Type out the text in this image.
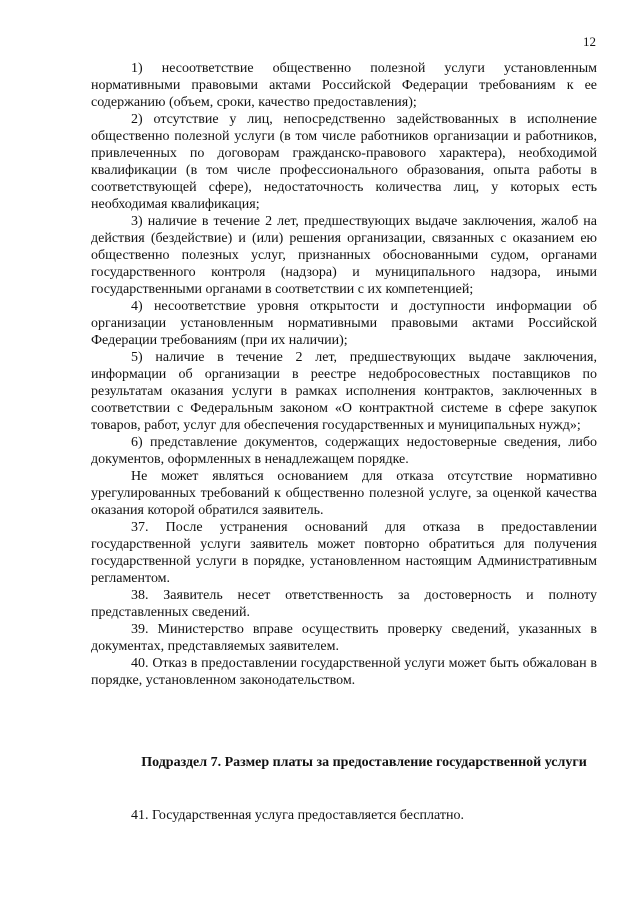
12

1) несоответствие общественно полезной услуги установленным нормативными правовыми актами Российской Федерации требованиям к ее содержанию (объем, сроки, качество предоставления);

2) отсутствие у лиц, непосредственно задействованных в исполнение общественно полезной услуги (в том числе работников организации и работников, привлеченных по договорам гражданско-правового характера), необходимой квалификации (в том числе профессионального образования, опыта работы в соответствующей сфере), недостаточность количества лиц, у которых есть необходимая квалификация;

3) наличие в течение 2 лет, предшествующих выдаче заключения, жалоб на действия (бездействие) и (или) решения организации, связанных с оказанием ею общественно полезных услуг, признанных обоснованными судом, органами государственного контроля (надзора) и муниципального надзора, иными государственными органами в соответствии с их компетенцией;

4) несоответствие уровня открытости и доступности информации об организации установленным нормативными правовыми актами Российской Федерации требованиям (при их наличии);

5) наличие в течение 2 лет, предшествующих выдаче заключения, информации об организации в реестре недобросовестных поставщиков по результатам оказания услуги в рамках исполнения контрактов, заключенных в соответствии с Федеральным законом «О контрактной системе в сфере закупок товаров, работ, услуг для обеспечения государственных и муниципальных нужд»;

6) представление документов, содержащих недостоверные сведения, либо документов, оформленных в ненадлежащем порядке.

Не может являться основанием для отказа отсутствие нормативно урегулированных требований к общественно полезной услуге, за оценкой качества оказания которой обратился заявитель.

37. После устранения оснований для отказа в предоставлении государственной услуги заявитель может повторно обратиться для получения государственной услуги в порядке, установленном настоящим Административным регламентом.

38. Заявитель несет ответственность за достоверность и полноту представленных сведений.

39. Министерство вправе осуществить проверку сведений, указанных в документах, представляемых заявителем.

40. Отказ в предоставлении государственной услуги может быть обжалован в порядке, установленном законодательством.

Подраздел 7. Размер платы за предоставление государственной услуги

41. Государственная услуга предоставляется бесплатно.
